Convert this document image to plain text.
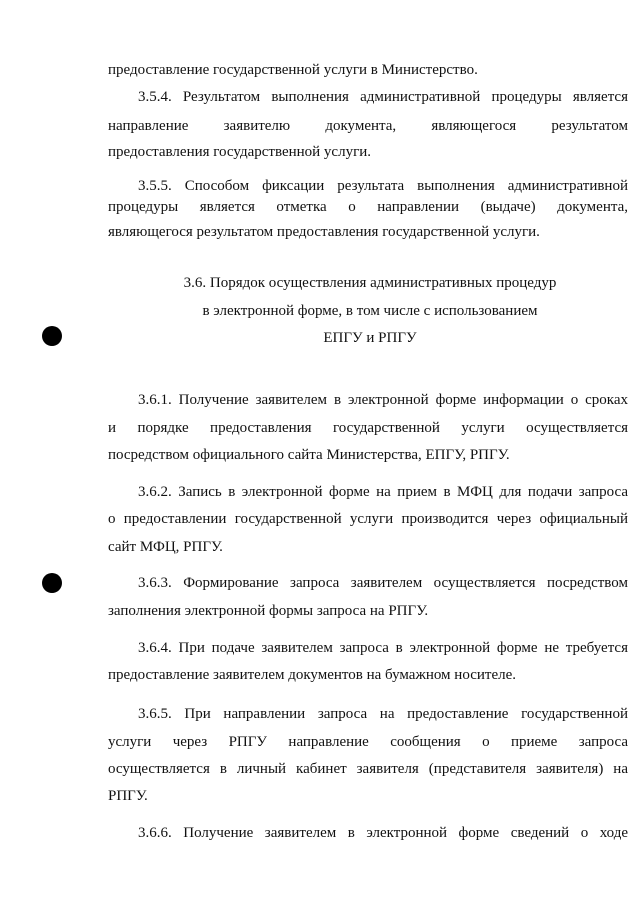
предоставление государственной услуги в Министерство.
3.5.4. Результатом выполнения административной процедуры является
направление заявителю документа, являющегося результатом
предоставления государственной услуги.
3.5.5. Способом фиксации результата выполнения административной
процедуры является отметка о направлении (выдаче) документа,
являющегося результатом предоставления государственной услуги.
3.6. Порядок осуществления административных процедур
в электронной форме, в том числе с использованием
ЕПГУ и РПГУ
3.6.1. Получение заявителем в электронной форме информации о сроках
и порядке предоставления государственной услуги осуществляется
посредством официального сайта Министерства, ЕПГУ, РПГУ.
3.6.2. Запись в электронной форме на прием в МФЦ для подачи запроса
о предоставлении государственной услуги производится через официальный
сайт МФЦ, РПГУ.
3.6.3. Формирование запроса заявителем осуществляется посредством
заполнения электронной формы запроса на РПГУ.
3.6.4. При подаче заявителем запроса в электронной форме не требуется
предоставление заявителем документов на бумажном носителе.
3.6.5. При направлении запроса на предоставление государственной
услуги через РПГУ направление сообщения о приеме запроса
осуществляется в личный кабинет заявителя (представителя заявителя) на
РПГУ.
3.6.6. Получение заявителем в электронной форме сведений о ходе
